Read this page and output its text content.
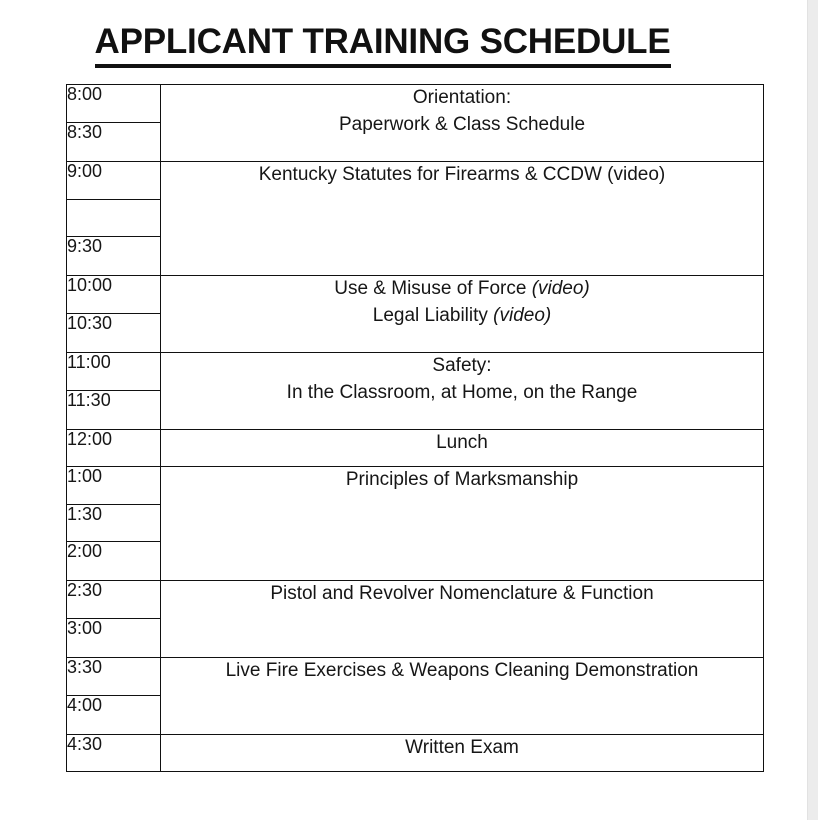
APPLICANT TRAINING SCHEDULE
8:00	Orientation:
Paperwork & Class Schedule

8:30	
9:00	Kentucky Statutes for Firearms & CCDW (video)

9:30	
10:00	Use & Misuse of Force (video)
Legal Liability (video)

10:30	
11:00	Safety:
In the Classroom, at Home, on the Range

11:30	
12:00	Lunch

1:00	Principles of Marksmanship

1:30	
2:00	
2:30	Pistol and Revolver Nomenclature & Function

3:00	
3:30	Live Fire Exercises & Weapons Cleaning Demonstration

4:00	
4:30	Written Exam
